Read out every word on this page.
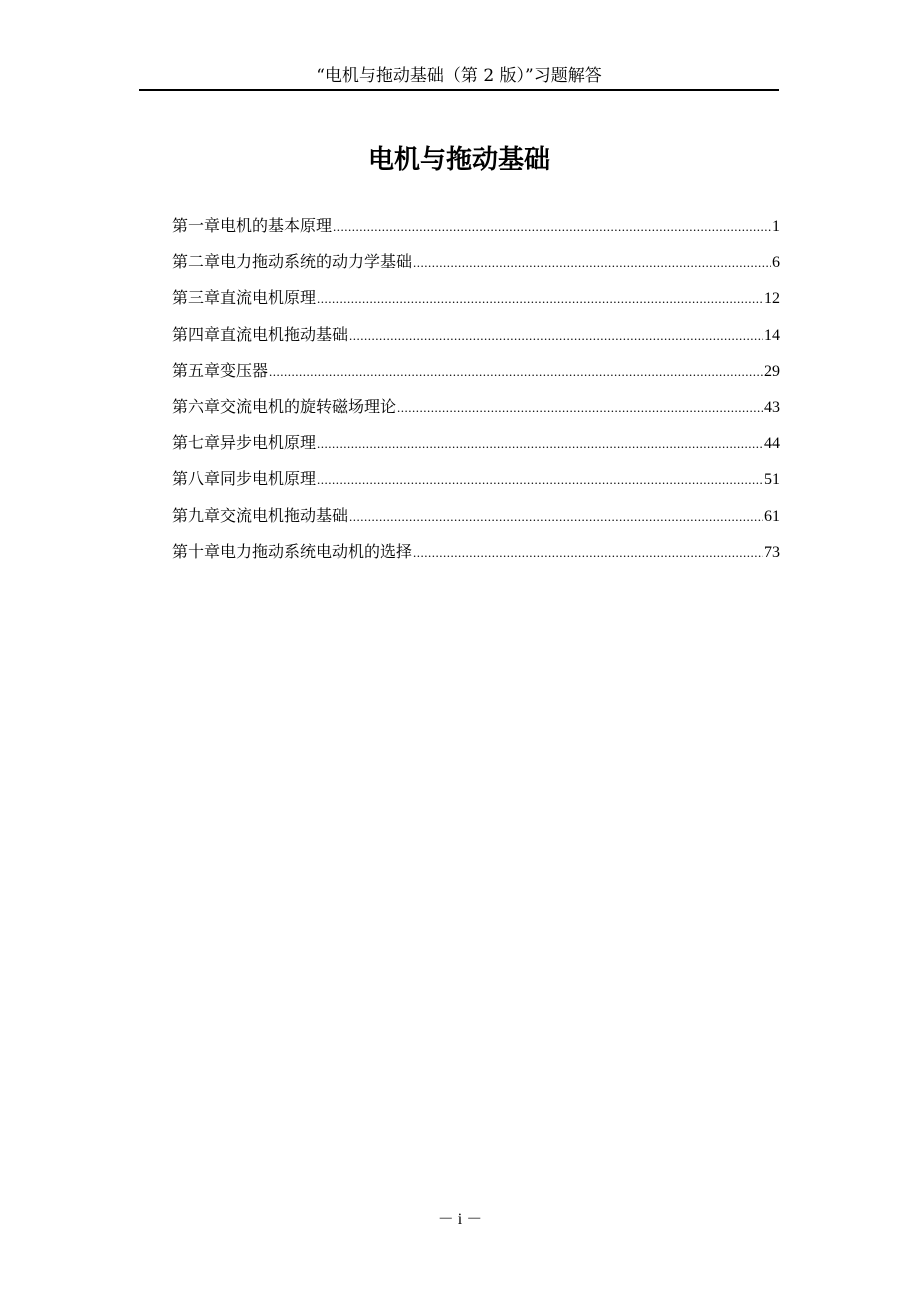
“电机与拖动基础（第 2 版）”习题解答
电机与拖动基础
第一章电机的基本原理 .....	1
第二章电力拖动系统的动力学基础 .....	6
第三章直流电机原理 .....	12
第四章直流电机拖动基础 .....	14
第五章变压器 .....	29
第六章交流电机的旋转磁场理论 .....	43
第七章异步电机原理 .....	44
第八章同步电机原理 .....	51
第九章交流电机拖动基础 .....	61
第十章电力拖动系统电动机的选择 .....	73
－ i －
